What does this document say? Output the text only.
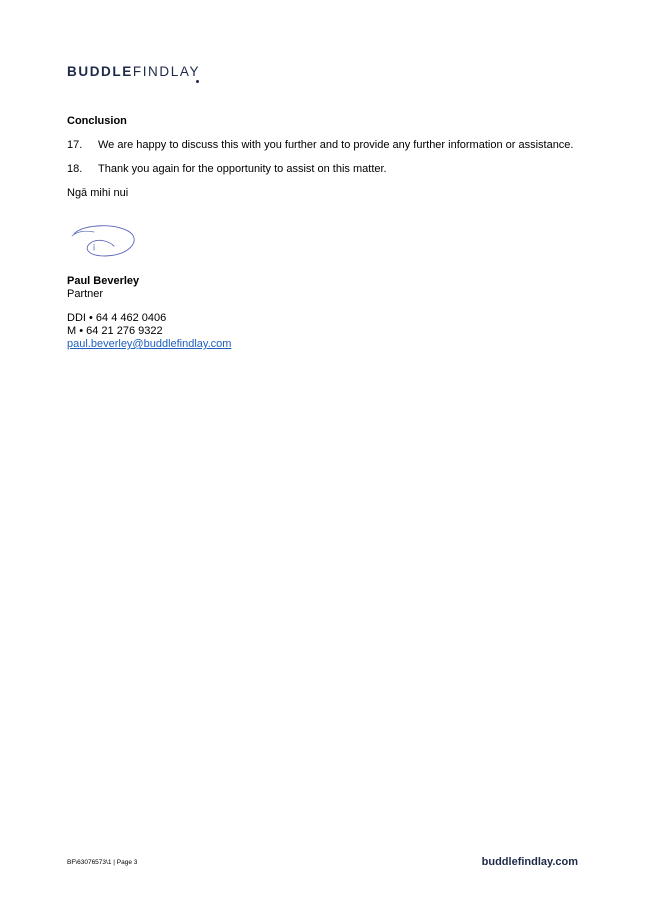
BUDDLEFINDLAY
Conclusion
17. We are happy to discuss this with you further and to provide any further information or assistance.
18. Thank you again for the opportunity to assist on this matter.
Ngā mihi nui
Paul Beverley
Partner
DDI • 64 4 462 0406
M • 64 21 276 9322
paul.beverley@buddlefindlay.com
BF\63076573\1 | Page 3	buddlefindlay.com
